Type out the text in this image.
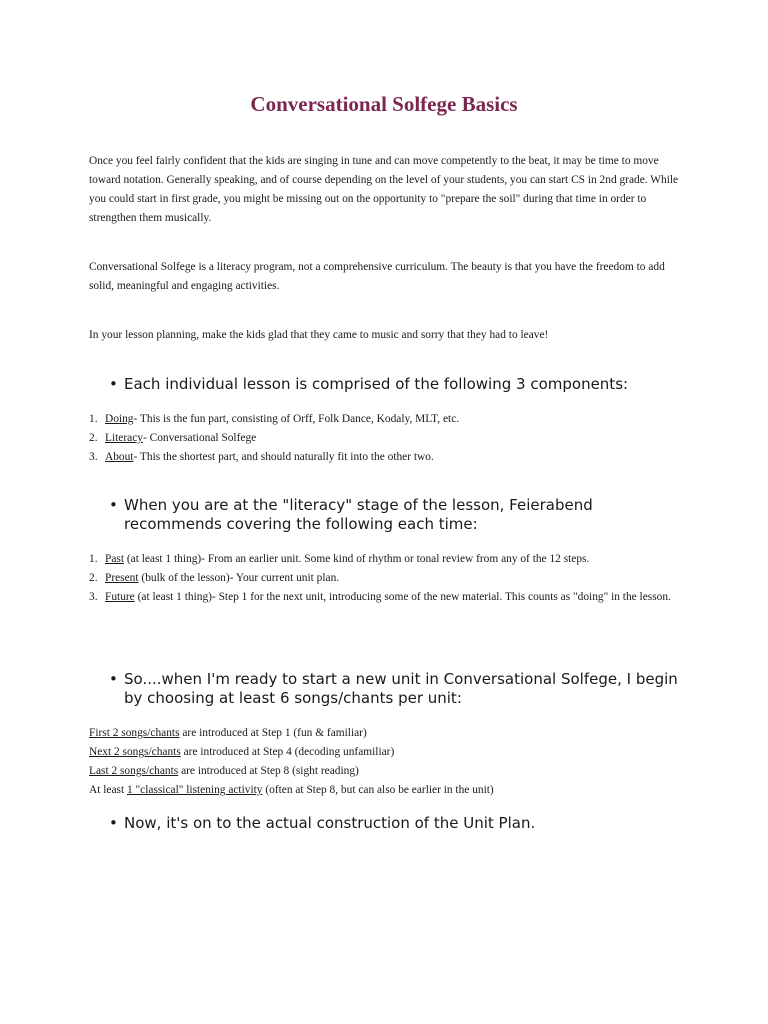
Conversational Solfege Basics

Once you feel fairly confident that the kids are singing in tune and can move competently to the beat, it may be time to move toward notation. Generally speaking, and of course depending on the level of your students, you can start CS in 2nd grade. While you could start in first grade, you might be missing out on the opportunity to "prepare the soil" during that time in order to strengthen them musically.

Conversational Solfege is a literacy program, not a comprehensive curriculum. The beauty is that you have the freedom to add solid, meaningful and engaging activities.

In your lesson planning, make the kids glad that they came to music and sorry that they had to leave!

• Each individual lesson is comprised of the following 3 components:

1. Doing- This is the fun part, consisting of Orff, Folk Dance, Kodaly, MLT, etc.
2. Literacy- Conversational Solfege
3. About- This the shortest part, and should naturally fit into the other two.

• When you are at the "literacy" stage of the lesson, Feierabend recommends covering the following each time:

1. Past (at least 1 thing)- From an earlier unit. Some kind of rhythm or tonal review from any of the 12 steps.
2. Present (bulk of the lesson)- Your current unit plan.
3. Future (at least 1 thing)- Step 1 for the next unit, introducing some of the new material. This counts as "doing" in the lesson.

• So....when I'm ready to start a new unit in Conversational Solfege, I begin by choosing at least 6 songs/chants per unit:

First 2 songs/chants are introduced at Step 1 (fun & familiar)
Next 2 songs/chants are introduced at Step 4 (decoding unfamiliar)
Last 2 songs/chants are introduced at Step 8 (sight reading)
At least 1 "classical" listening activity (often at Step 8, but can also be earlier in the unit)

• Now, it's on to the actual construction of the Unit Plan.
